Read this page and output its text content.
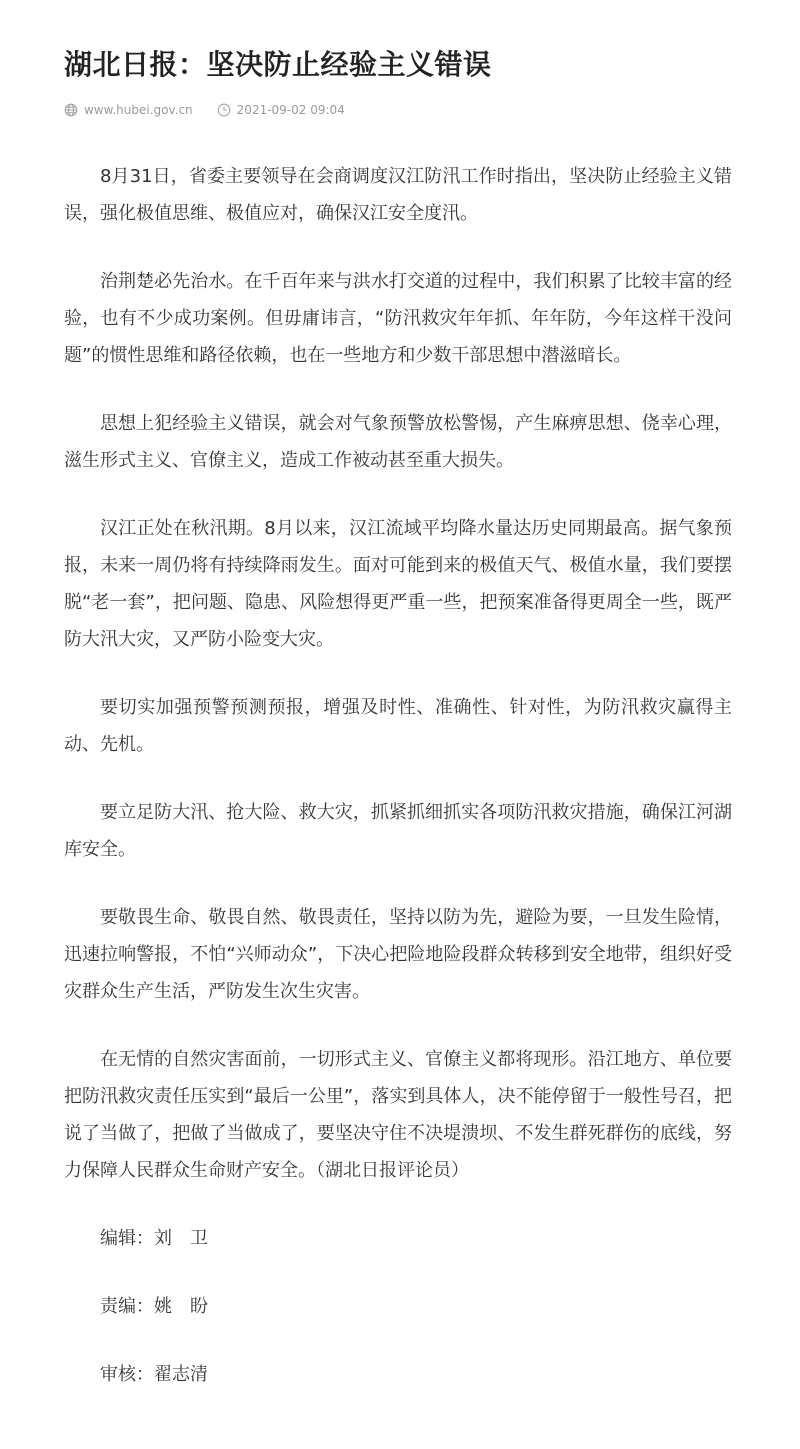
湖北日报：坚决防止经验主义错误
www.hubei.gov.cn	2021-09-02 09:04

8月31日，省委主要领导在会商调度汉江防汛工作时指出，坚决防止经验主义错误，强化极值思维、极值应对，确保汉江安全度汛。

治荆楚必先治水。在千百年来与洪水打交道的过程中，我们积累了比较丰富的经验，也有不少成功案例。但毋庸讳言，“防汛救灾年年抓、年年防，今年这样干没问题”的惯性思维和路径依赖，也在一些地方和少数干部思想中潜滋暗长。

思想上犯经验主义错误，就会对气象预警放松警惕，产生麻痹思想、侥幸心理，滋生形式主义、官僚主义，造成工作被动甚至重大损失。

汉江正处在秋汛期。8月以来，汉江流域平均降水量达历史同期最高。据气象预报，未来一周仍将有持续降雨发生。面对可能到来的极值天气、极值水量，我们要摆脱“老一套”，把问题、隐患、风险想得更严重一些，把预案准备得更周全一些，既严防大汛大灾，又严防小险变大灾。

要切实加强预警预测预报，增强及时性、准确性、针对性，为防汛救灾赢得主动、先机。

要立足防大汛、抢大险、救大灾，抓紧抓细抓实各项防汛救灾措施，确保江河湖库安全。

要敬畏生命、敬畏自然、敬畏责任，坚持以防为先，避险为要，一旦发生险情，迅速拉响警报，不怕“兴师动众”，下决心把险地险段群众转移到安全地带，组织好受灾群众生产生活，严防发生次生灾害。

在无情的自然灾害面前，一切形式主义、官僚主义都将现形。沿江地方、单位要把防汛救灾责任压实到“最后一公里”，落实到具体人，决不能停留于一般性号召，把说了当做了，把做了当做成了，要坚决守住不决堤溃坝、不发生群死群伤的底线，努力保障人民群众生命财产安全。（湖北日报评论员）

编辑：刘　卫

责编：姚　盼

审核：翟志清
